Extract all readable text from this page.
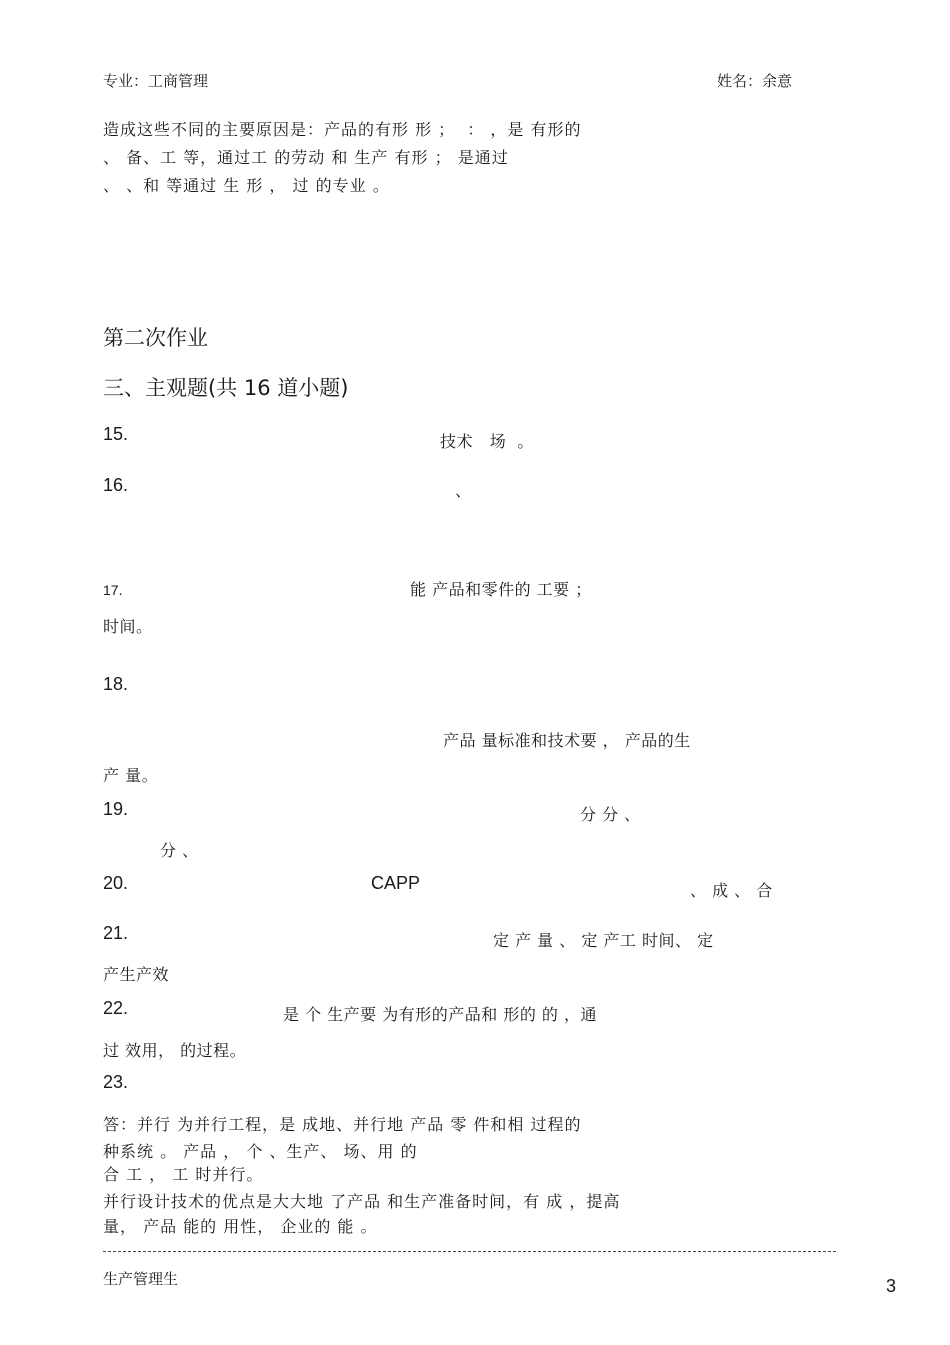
专业：工商管理	姓名：余意
造成这些不同的主要原因是：产品的有形 形 ；  ： ，是 有形的
、 备、工 等，通过工 的劳动 和 生产 有形 ； 是通过
、 、和 等通过 生 形 ， 过 的专业 。
第二次作业
三、主观题(共 16 道小题)
15.	技术   场  。
16.	、
17.	能 产品和零件的 工要 ；
时间。
18.
产品 量标准和技术要 ， 产品的生
产 量。
19.	分 分 、
分 、
20.	CAPP	、 成 、 合
21.	定 产 量 、 定 产工 时间、 定
产生产效
22.	是 个 生产要 为有形的产品和 形的 的 ，通
过 效用， 的过程。
23.
答：并行 为并行工程，是 成地、并行地 产品 零 件和相 过程的
种系统 。 产品 ， 个 、生产、 场、用 的
合 工 ， 工 时并行。
并行设计技术的优点是大大地 了产品 和生产准备时间，有 成 ，提高
量， 产品 能的 用性， 企业的 能 。
生产管理生	3
